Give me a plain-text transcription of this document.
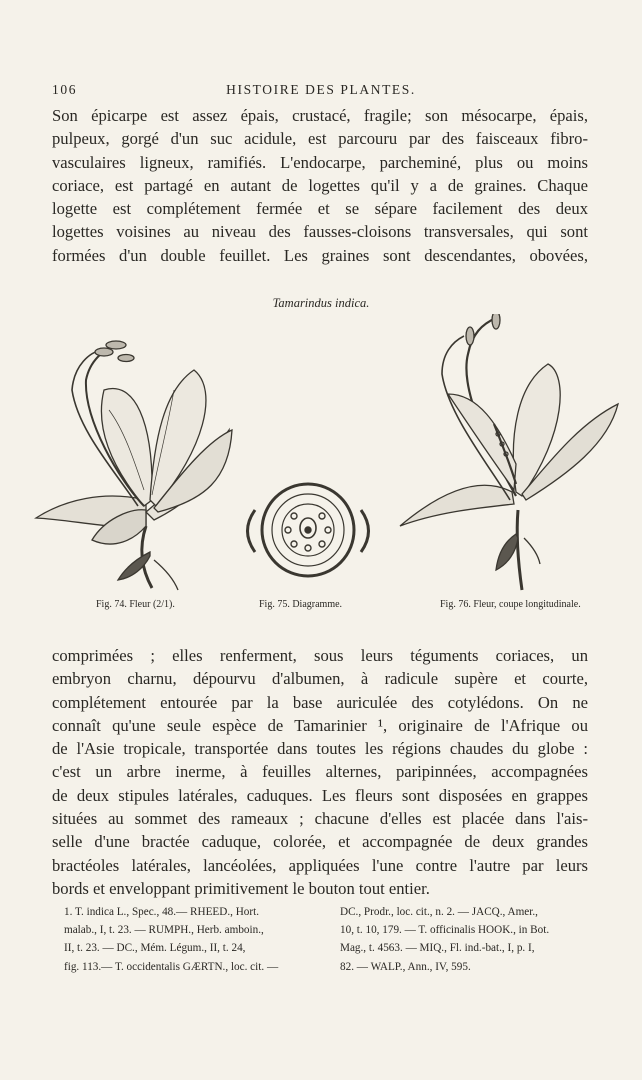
106	HISTOIRE DES PLANTES.
Son épicarpe est assez épais, crustacé, fragile; son mésocarpe, épais,
pulpeux, gorgé d'un suc acidule, est parcouru par des faisceaux fibro-
vasculaires ligneux, ramifiés. L'endocarpe, parcheminé, plus ou moins
coriace, est partagé en autant de logettes qu'il y a de graines. Chaque
logette est complétement fermée et se sépare facilement des deux
logettes voisines au niveau des fausses-cloisons transversales, qui sont
formées d'un double feuillet. Les graines sont descendantes, obovées,
Tamarindus indica.
Fig. 74. Fleur (2/1).	Fig. 75. Diagramme.	Fig. 76. Fleur, coupe longitudinale.
comprimées ; elles renferment, sous leurs téguments coriaces, un
embryon charnu, dépourvu d'albumen, à radicule supère et courte,
complétement entourée par la base auriculée des cotylédons. On ne
connaît qu'une seule espèce de Tamarinier ¹, originaire de l'Afrique ou
de l'Asie tropicale, transportée dans toutes les régions chaudes du globe :
c'est un arbre inerme, à feuilles alternes, paripinnées, accompagnées
de deux stipules latérales, caduques. Les fleurs sont disposées en grappes
situées au sommet des rameaux ; chacune d'elles est placée dans l'ais-
selle d'une bractée caduque, colorée, et accompagnée de deux grandes
bractéoles latérales, lancéolées, appliquées l'une contre l'autre par leurs
bords et enveloppant primitivement le bouton tout entier.
1. T. indica L., Spec., 48.— RHEED., Hort.
malab., I, t. 23. — RUMPH., Herb. amboin.,
II, t. 23. — DC., Mém. Légum., II, t. 24,
fig. 113.— T. occidentalis GÆRTN., loc. cit. —
DC., Prodr., loc. cit., n. 2. — JACQ., Amer.,
10, t. 10, 179. — T. officinalis HOOK., in Bot.
Mag., t. 4563. — MIQ., Fl. ind.-bat., I, p. I,
82. — WALP., Ann., IV, 595.
